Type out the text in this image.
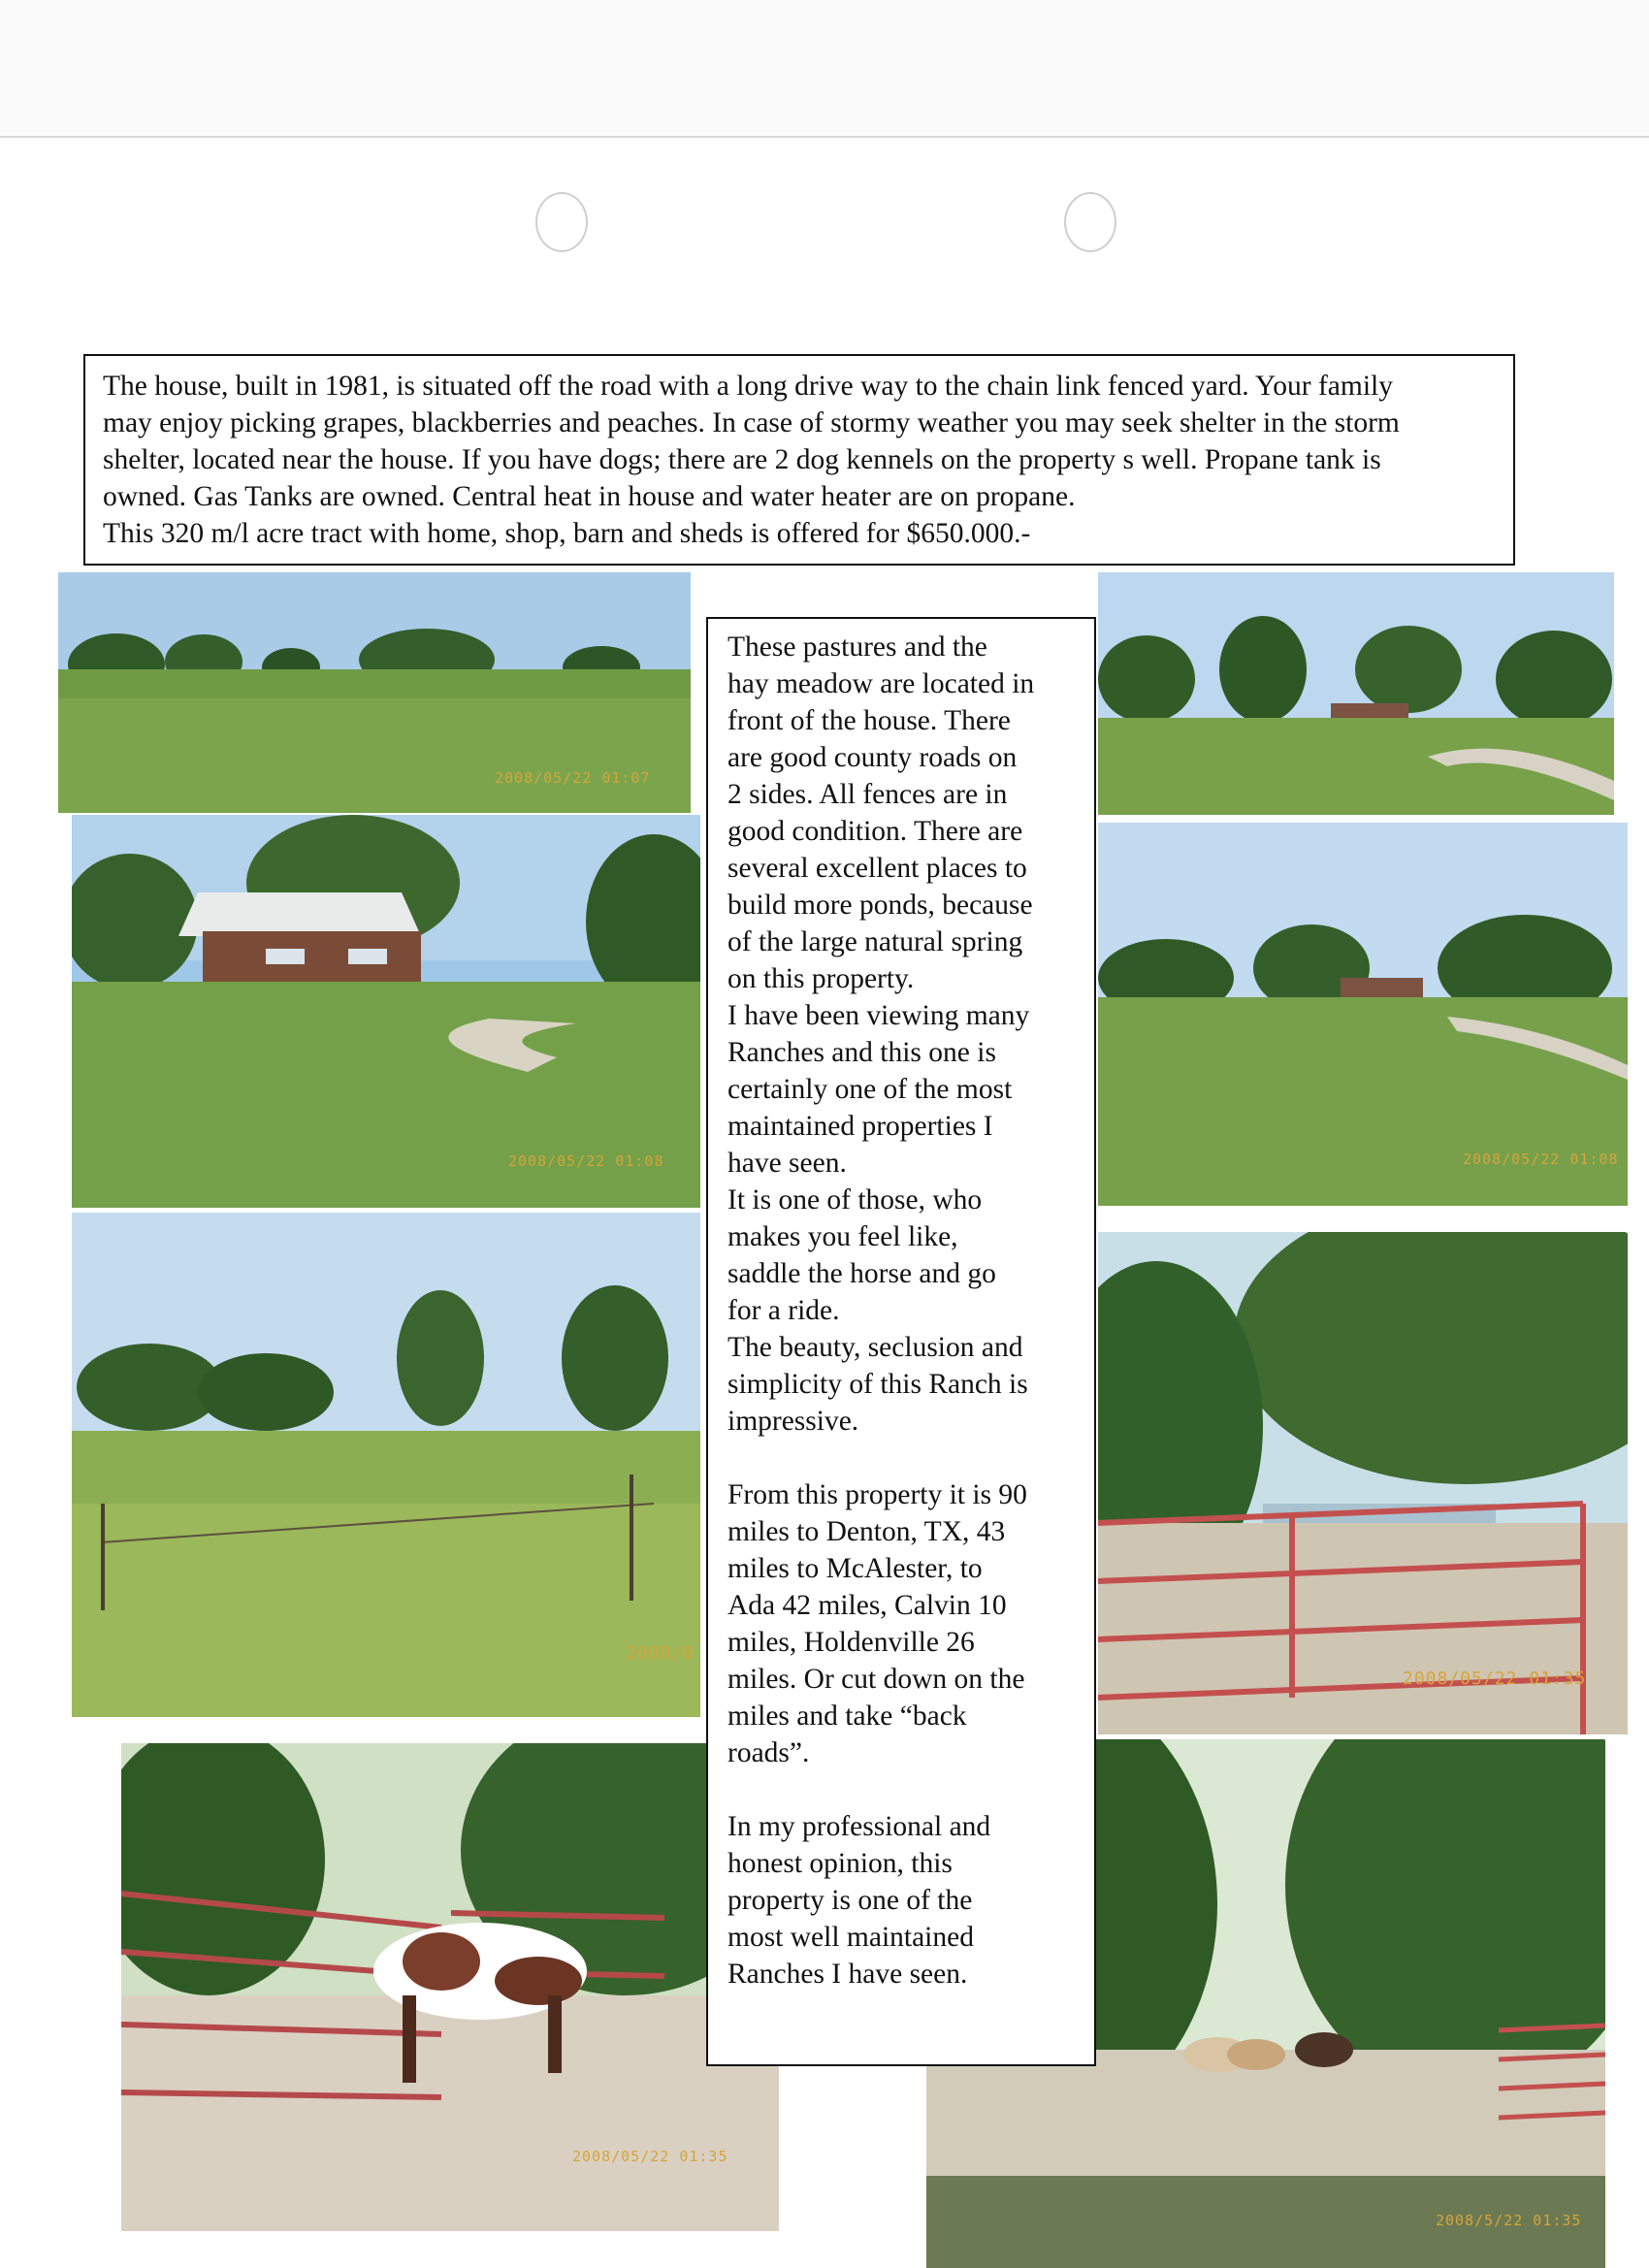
The house, built in 1981, is situated off the road with a long drive way to the chain link fenced yard. Your family

may enjoy picking grapes, blackberries and peaches. In case of stormy weather you may seek shelter in the storm

shelter, located near the house. If you have dogs; there are 2 dog kennels on the property s well. Propane tank is

owned. Gas Tanks are owned. Central heat in house and water heater are on propane.

This 320 m/l acre tract with home, shop, barn and sheds is offered for $650.000.-

2008/05/22 01:07
2008/05/22 01:08	2008/05/22 01:08
2008/0
2008/05/22 01:35
2008/05/22 01:35
2008/5/22 01:35

These pastures and the
hay meadow are located in
front of the house. There
are good county roads on
2 sides. All fences are in
good condition. There are
several excellent places to
build more ponds, because
of the large natural spring
on this property.
I have been viewing many
Ranches and this one is
certainly one of the most
maintained properties I
have seen.
It is one of those, who
makes you feel like,
saddle the horse and go
for a ride.
The beauty, seclusion and
simplicity of this Ranch is
impressive.

From this property it is 90
miles to Denton, TX, 43
miles to McAlester, to
Ada 42 miles, Calvin 10
miles, Holdenville 26
miles. Or cut down on the
miles and take “back
roads”.

In my professional and
honest opinion, this
property is one of the
most well maintained
Ranches I have seen.
